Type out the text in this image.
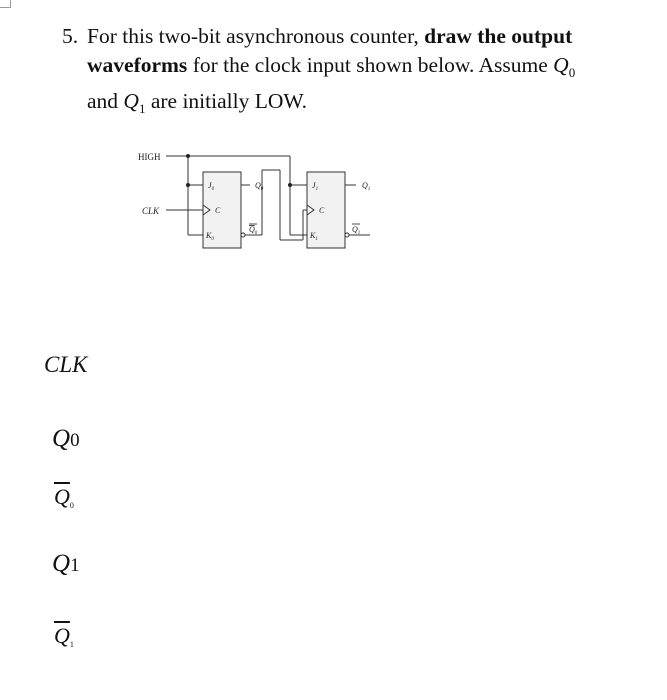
5. For this two-bit asynchronous counter, draw the output
waveforms for the clock input shown below. Assume $Q_0$
and $Q_1$ are initially LOW.
HIGH
CLK
$J_0$
C
$K_0$
$Q_0$
$Q_0$
$J_1$
C
$K_1$
$Q_1$
$Q_1$
CLK
Q0
$\overline{Q}0$
Q1
$\overline{Q}1$
